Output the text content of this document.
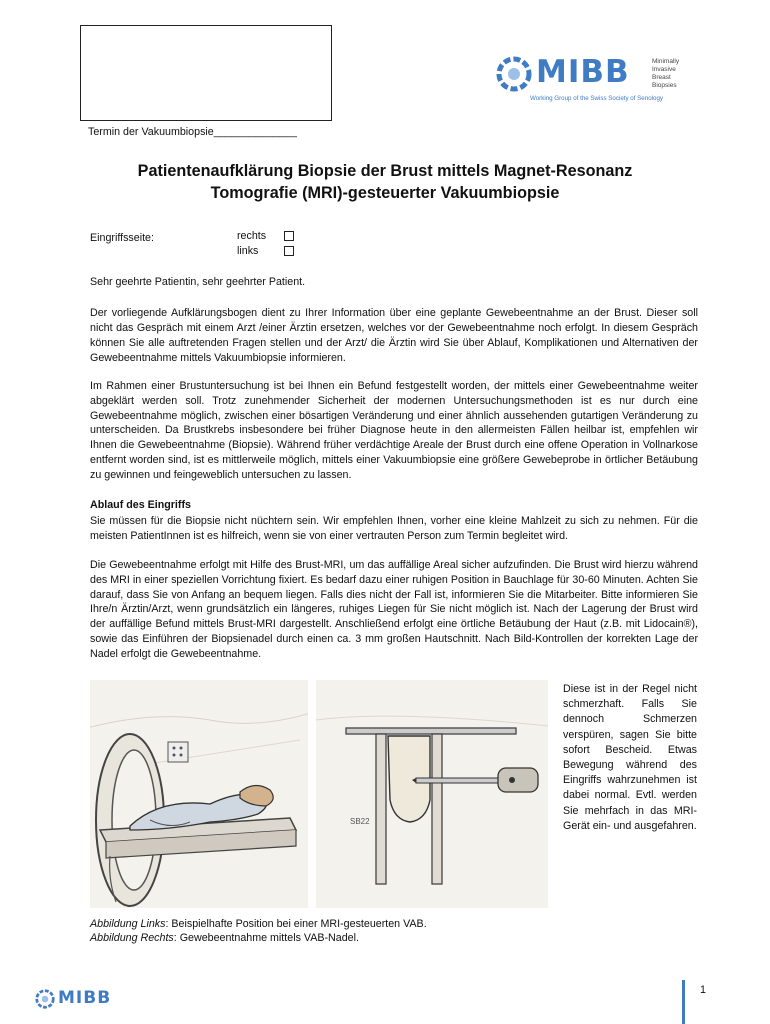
MIBB	Minimally
Invasive
Breast
Biopsies
Working Group of the Swiss Society of Senology
Termin der Vakuumbiopsie______________
Patientenaufklärung Biopsie der Brust mittels Magnet-Resonanz
Tomografie (MRI)-gesteuerter Vakuumbiopsie
Eingriffsseite:	rechts
links
Sehr geehrte Patientin, sehr geehrter Patient.

Der vorliegende Aufklärungsbogen dient zu Ihrer Information über eine geplante Gewebeentnahme an der Brust. Dieser soll nicht das Gespräch mit einem Arzt /einer Ärztin ersetzen, welches vor der Gewebeentnahme noch erfolgt. In diesem Gespräch können Sie alle auftretenden Fragen stellen und der Arzt/ die Ärztin wird Sie über Ablauf, Komplikationen und Alternativen der Gewebeentnahme mittels Vakuumbiopsie informieren.

Im Rahmen einer Brustuntersuchung ist bei Ihnen ein Befund festgestellt worden, der mittels einer Gewebeentnahme weiter abgeklärt werden soll. Trotz zunehmender Sicherheit der modernen Untersuchungsmethoden ist es nur durch eine Gewebeentnahme möglich, zwischen einer bösartigen Veränderung und einer ähnlich aussehenden gutartigen Veränderung zu unterscheiden. Da Brustkrebs insbesondere bei früher Diagnose heute in den allermeisten Fällen heilbar ist, empfehlen wir Ihnen die Gewebeentnahme (Biopsie). Während früher verdächtige Areale der Brust durch eine offene Operation in Vollnarkose entfernt worden sind, ist es mittlerweile möglich, mittels einer Vakuumbiopsie eine größere Gewebeprobe in örtlicher Betäubung zu gewinnen und feingeweblich untersuchen zu lassen.

Ablauf des Eingriffs

Sie müssen für die Biopsie nicht nüchtern sein. Wir empfehlen Ihnen, vorher eine kleine Mahlzeit zu sich zu nehmen. Für die meisten PatientInnen ist es hilfreich, wenn sie von einer vertrauten Person zum Termin begleitet wird.

Die Gewebeentnahme erfolgt mit Hilfe des Brust-MRI, um das auffällige Areal sicher aufzufinden. Die Brust wird hierzu während des MRI in einer speziellen Vorrichtung fixiert. Es bedarf dazu einer ruhigen Position in Bauchlage für 30-60 Minuten. Achten Sie darauf, dass Sie von Anfang an bequem liegen. Falls dies nicht der Fall ist, informieren Sie die Mitarbeiter. Bitte informieren Sie Ihre/n Ärztin/Arzt, wenn grundsätzlich ein längeres, ruhiges Liegen für Sie nicht möglich ist. Nach der Lagerung der Brust wird der auffällige Befund mittels Brust-MRI dargestellt. Anschließend erfolgt eine örtliche Betäubung der Haut (z.B. mit Lidocain®), sowie das Einführen der Biopsienadel durch einen ca. 3 mm großen Hautschnitt. Nach Bild-Kontrollen der korrekten Lage der Nadel erfolgt die Gewebeentnahme.

SB22

Diese ist in der Regel nicht schmerzhaft. Falls Sie dennoch Schmerzen verspüren, sagen Sie bitte sofort Bescheid. Etwas Bewegung während des Eingriffs wahrzunehmen ist dabei normal. Evtl. werden Sie mehrfach in das MRI-Gerät ein- und ausgefahren.

Abbildung Links: Beispielhafte Position bei einer MRI-gesteuerten VAB.
Abbildung Rechts: Gewebeentnahme mittels VAB-Nadel.
MIBB	1
